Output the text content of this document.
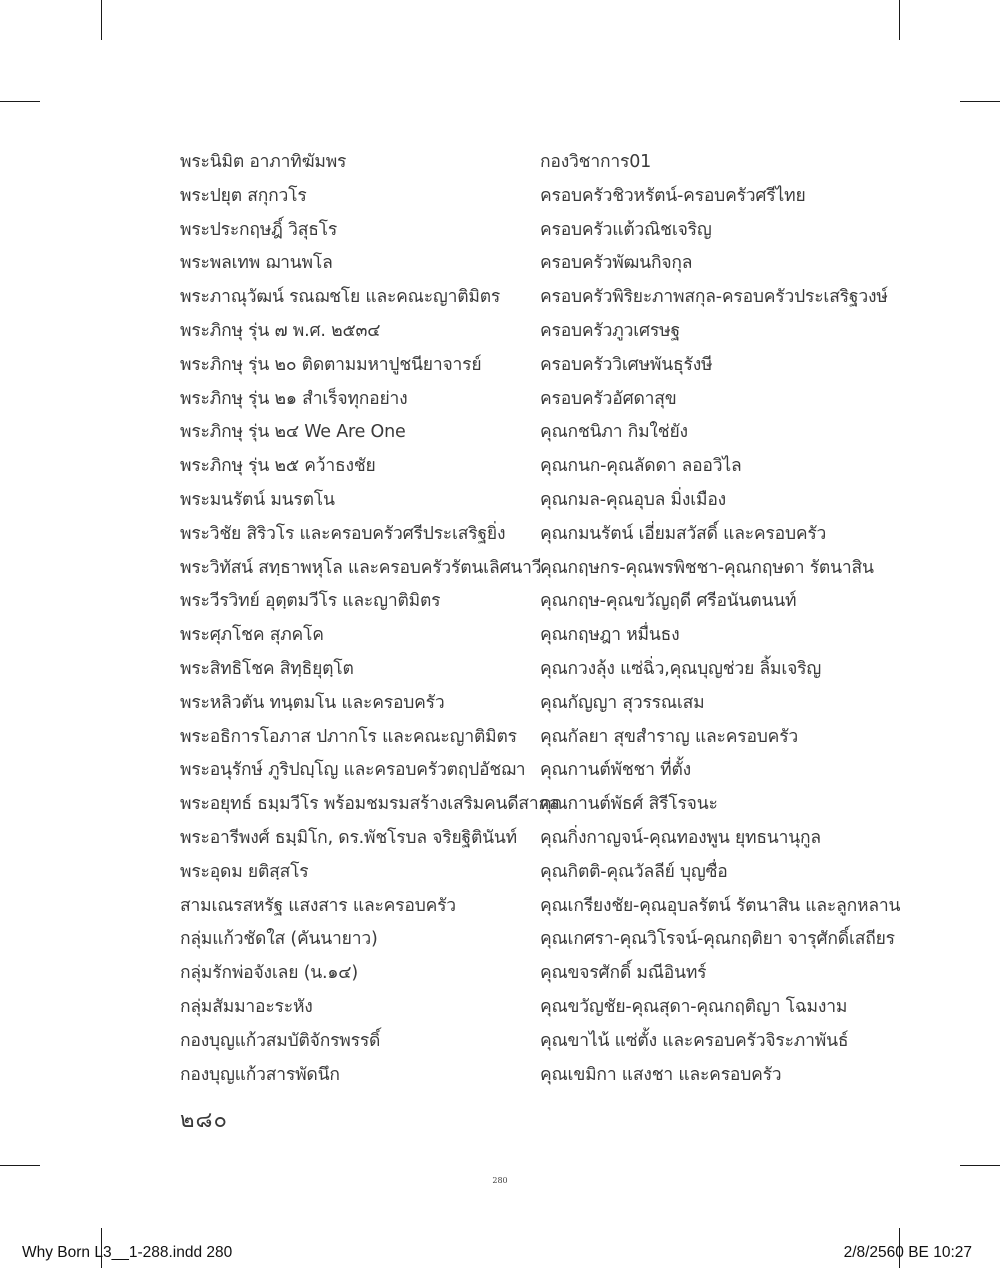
พระนิมิต อาภาทิฆัมพร
พระปยุต สกุกวโร
พระประกฤษฎิ์ วิสุธโร
พระพลเทพ ฌานพโล
พระภาณุวัฒน์ รณฌชโย และคณะญาติมิตร
พระภิกษุ รุ่น ๗ พ.ศ. ๒๕๓๔
พระภิกษุ รุ่น ๒๐ ติดตามมหาปูชนียาจารย์
พระภิกษุ รุ่น ๒๑ สำเร็จทุกอย่าง
พระภิกษุ รุ่น ๒๔ We Are One
พระภิกษุ รุ่น ๒๕ คว้าธงชัย
พระมนรัตน์ มนรตโน
พระวิชัย สิริวโร และครอบครัวศรีประเสริฐยิ่ง
พระวิทัสน์ สทฺธาพหุโล และครอบครัวรัตนเลิศนาวี
พระวีรวิทย์ อุตฺตมวีโร และญาติมิตร
พระศุภโชค สุภคโค
พระสิทธิโชค สิทฺธิยุตฺโต
พระหลิวตัน ทนฺตมโน และครอบครัว
พระอธิการโอภาส ปภากโร และคณะญาติมิตร
พระอนุรักษ์ ภูริปญฺโญ และครอบครัวตฤปอัชฌา
พระอยุทธ์ ธมฺมวีโร พร้อมชมรมสร้างเสริมคนดีสากล
พระอารีพงศ์ ธมฺมิโก, ดร.พัชโรบล จริยฐิตินันท์
พระอุดม ยติสฺสโร
สามเณรสหรัฐ แสงสาร และครอบครัว
กลุ่มแก้วชัดใส (คันนายาว)
กลุ่มรักพ่อจังเลย (น.๑๔)
กลุ่มสัมมาอะระหัง
กองบุญแก้วสมบัติจักรพรรดิ์
กองบุญแก้วสารพัดนึก
กองวิชาการ01
ครอบครัวชิวหรัตน์-ครอบครัวศรีไทย
ครอบครัวแต้วณิชเจริญ
ครอบครัวพัฒนกิจกุล
ครอบครัวพิริยะภาพสกุล-ครอบครัวประเสริฐวงษ์
ครอบครัวภูวเศรษฐ
ครอบครัววิเศษพันธุรังษี
ครอบครัวอัศดาสุข
คุณกชนิภา กิมใช่ยัง
คุณกนก-คุณลัดดา ลออวิไล
คุณกมล-คุณอุบล มิ่งเมือง
คุณกมนรัตน์ เอี่ยมสวัสดิ์ และครอบครัว
คุณกฤษกร-คุณพรพิชชา-คุณกฤษดา รัตนาสิน
คุณกฤษ-คุณขวัญฤดี ศรีอนันตนนท์
คุณกฤษฎา หมื่นธง
คุณกวงลุ้ง แซ่ฉิ่ว,คุณบุญช่วย ลิ้มเจริญ
คุณกัญญา สุวรรณเสม
คุณกัลยา สุขสำราญ และครอบครัว
คุณกานต์พัชชา ที่ตั้ง
คุณกานต์พัธศ์ สิรีโรจนะ
คุณกิ่งกาญจน์-คุณทองพูน ยุทธนานุกูล
คุณกิตติ-คุณวัลลีย์ บุญซื่อ
คุณเกรียงชัย-คุณอุบลรัตน์ รัตนาสิน และลูกหลาน
คุณเกศรา-คุณวิโรจน์-คุณกฤติยา จารุศักดิ์เสถียร
คุณขจรศักดิ์ มณีอินทร์
คุณขวัญชัย-คุณสุดา-คุณกฤติญา โฉมงาม
คุณขาไน้ แซ่ตั้ง และครอบครัวจิระภาพันธ์
คุณเขมิกา แสงชา และครอบครัว
๒๘๐
280
Why Born L3__1-288.indd 280	2/8/2560 BE 10:27
